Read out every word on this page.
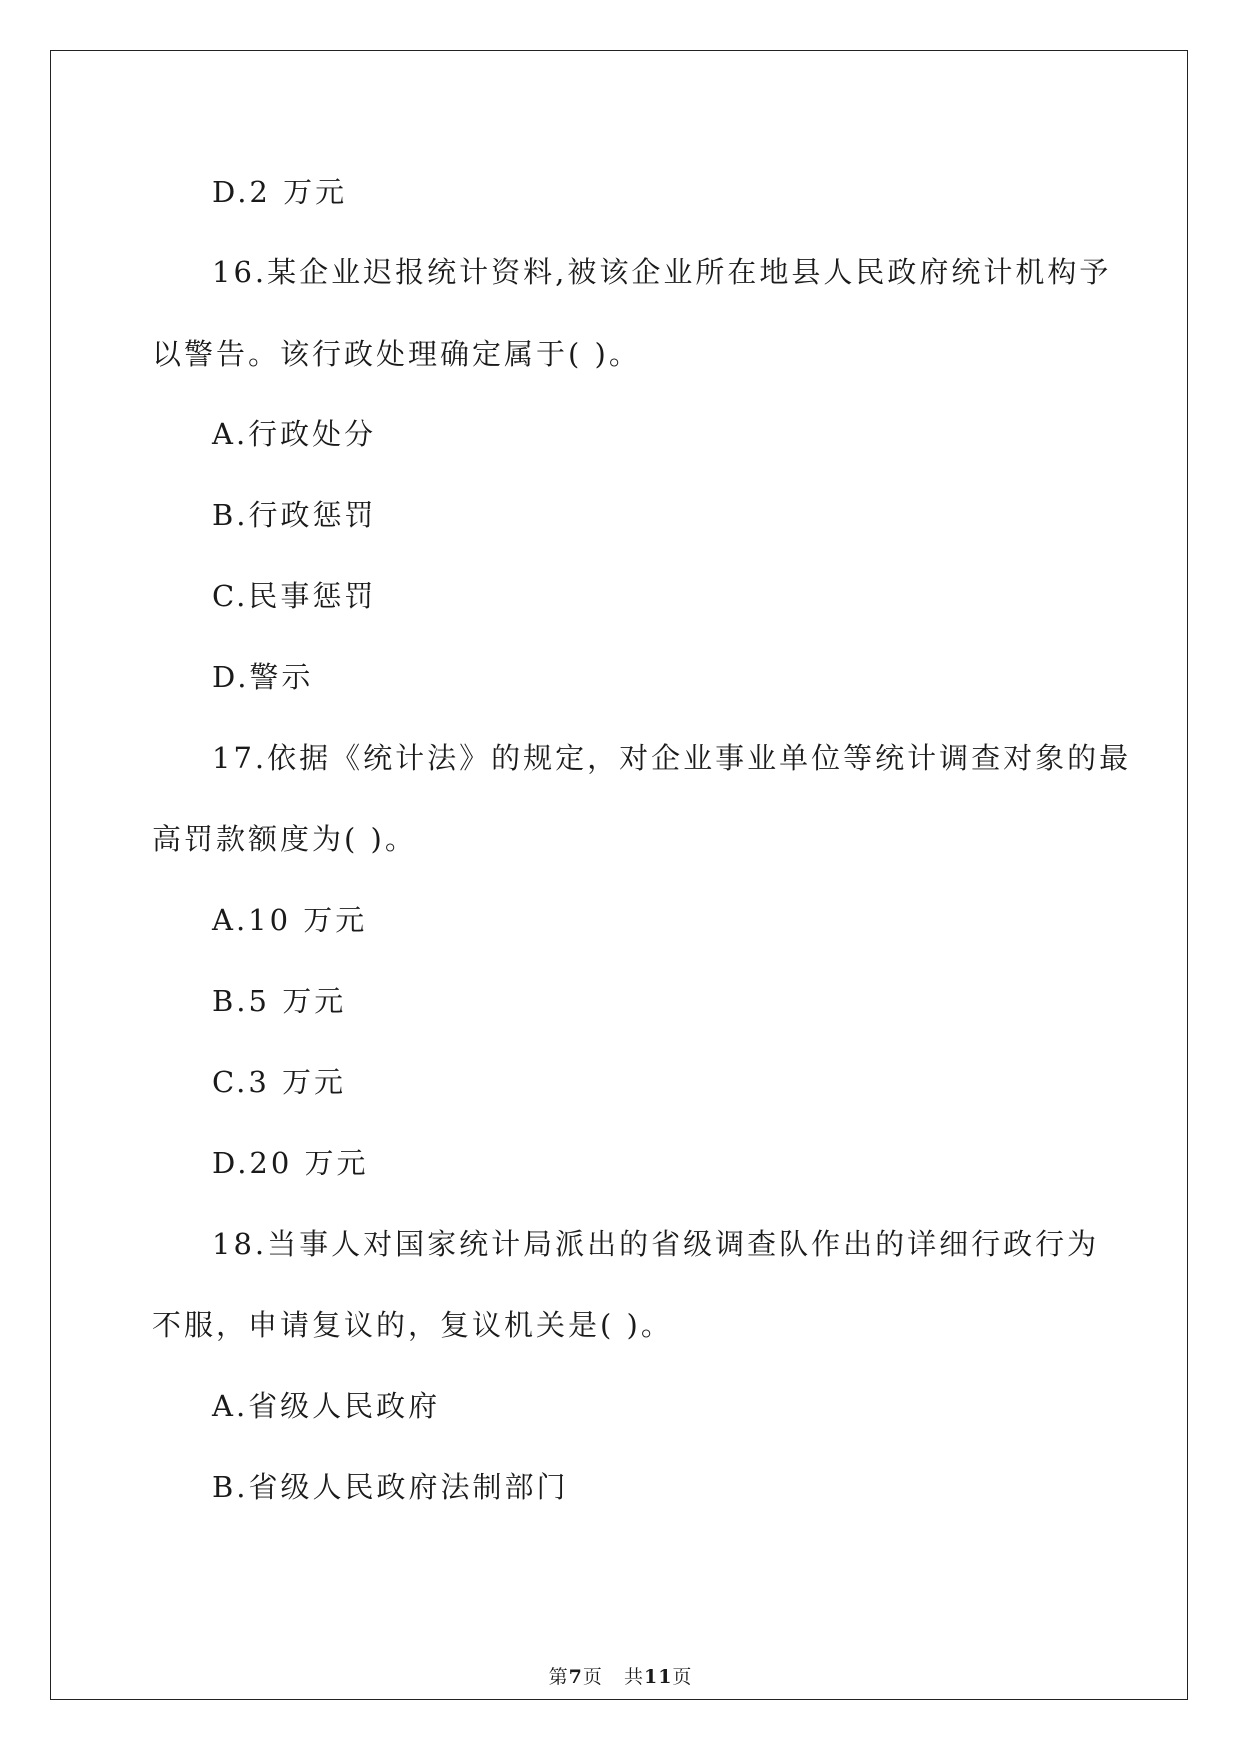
D.2 万元
16.某企业迟报统计资料,被该企业所在地县人民政府统计机构予
以警告。该行政处理确定属于( )。
A.行政处分
B.行政惩罚
C.民事惩罚
D.警示
17.依据《统计法》的规定，对企业事业单位等统计调查对象的最
高罚款额度为( )。
A.10 万元
B.5 万元
C.3 万元
D.20 万元
18.当事人对国家统计局派出的省级调查队作出的详细行政行为
不服，申请复议的，复议机关是( )。
A.省级人民政府
B.省级人民政府法制部门
第7页 共11页
